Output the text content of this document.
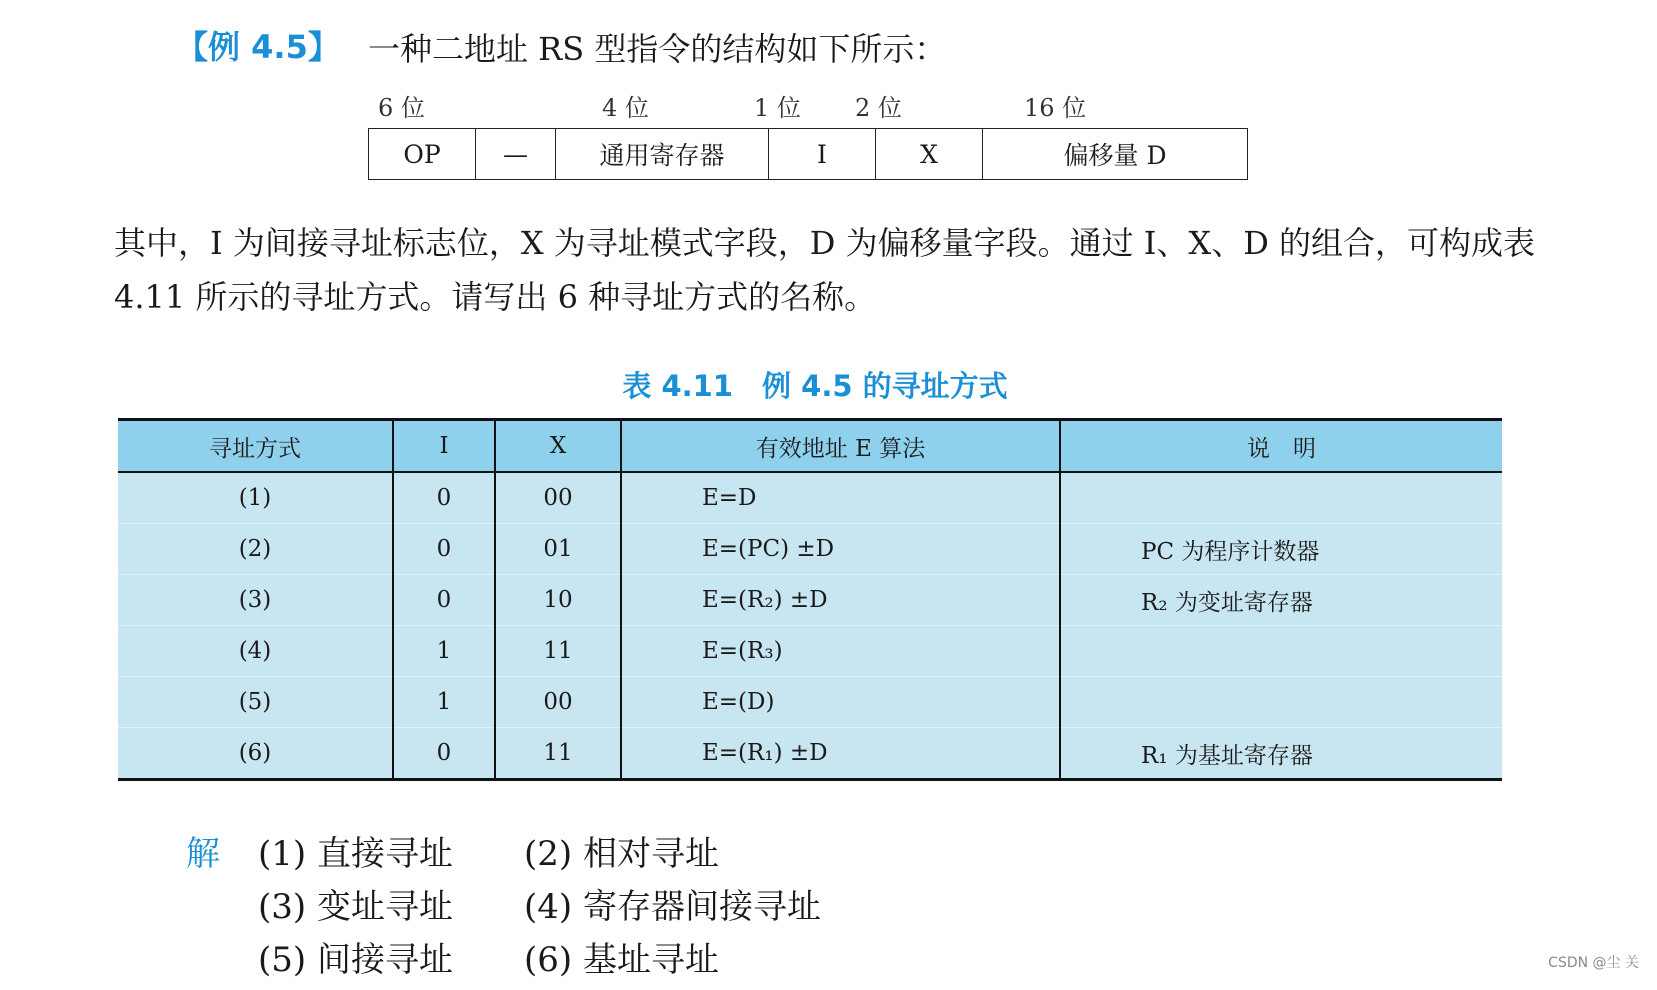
【例 4.5】 一种二地址 RS 型指令的结构如下所示：
6 位	4 位	1 位 2 位	16 位
OP	—	通用寄存器	I	X	偏移量 D
其中，I 为间接寻址标志位，X 为寻址模式字段，D 为偏移量字段。通过 I、X、D 的组合，可构成表 4.11 所示的寻址方式。请写出 6 种寻址方式的名称。
表 4.11　例 4.5 的寻址方式
寻址方式	I	X	有效地址 E 算法	说　明
(1)	0	00	E=D	
(2)	0	01	E=(PC) ±D	PC 为程序计数器
(3)	0	10	E=(R₂) ±D	R₂ 为变址寄存器
(4)	1	11	E=(R₃)	
(5)	1	00	E=(D)	
(6)	0	11	E=(R₁) ±D	R₁ 为基址寄存器
解 (1) 直接寻址 (2) 相对寻址
(3) 变址寻址 (4) 寄存器间接寻址
(5) 间接寻址 (6) 基址寻址	CSDN @尘 关
